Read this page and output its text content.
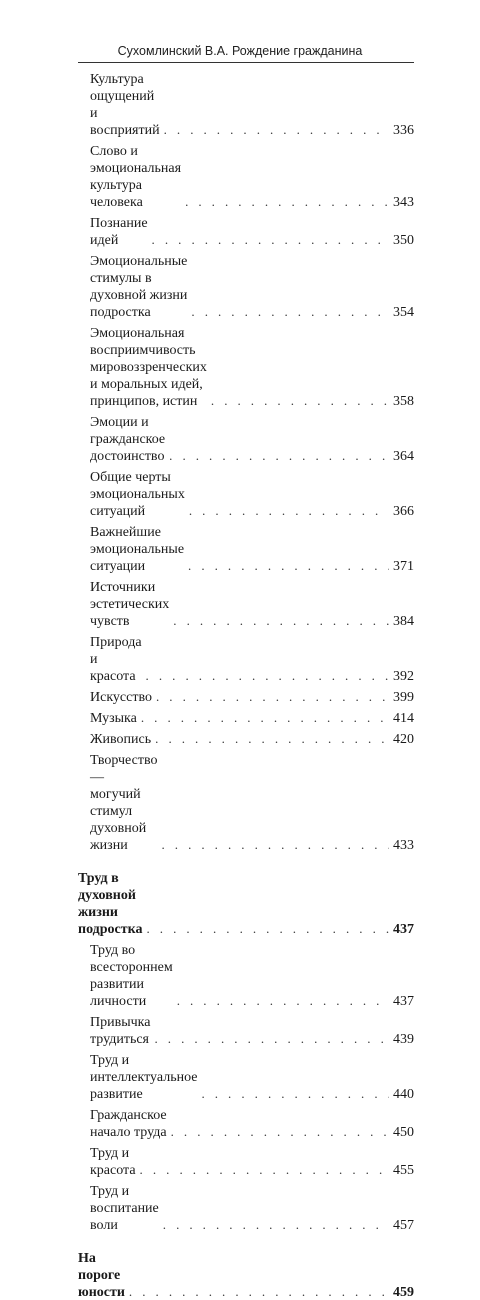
Сухомлинский В.А. Рождение гражданина
Культура ощущений и восприятий . . .	336
Слово и эмоциональная культура человека . . .	343
Познание идей . . .	350
Эмоциональные стимулы в духовной жизни подростка . . .	354
Эмоциональная восприимчивость мировоззренческих и моральных идей, принципов, истин . . .	358
Эмоции и гражданское достоинство . . .	364
Общие черты эмоциональных ситуаций . . .	366
Важнейшие эмоциональные ситуации . . .	371
Источники эстетических чувств . . .	384
Природа и красота . . .	392
Искусство . . .	399
Музыка . . .	414
Живопись . . .	420
Творчество — могучий стимул духовной жизни . . .	433
Труд в духовной жизни подростка . . .	437
Труд во всестороннем развитии личности . . .	437
Привычка трудиться . . .	439
Труд и интеллектуальное развитие . . .	440
Гражданское начало труда . . .	450
Труд и красота . . .	455
Труд и воспитание воли . . .	457
На пороге юности . . .	459
